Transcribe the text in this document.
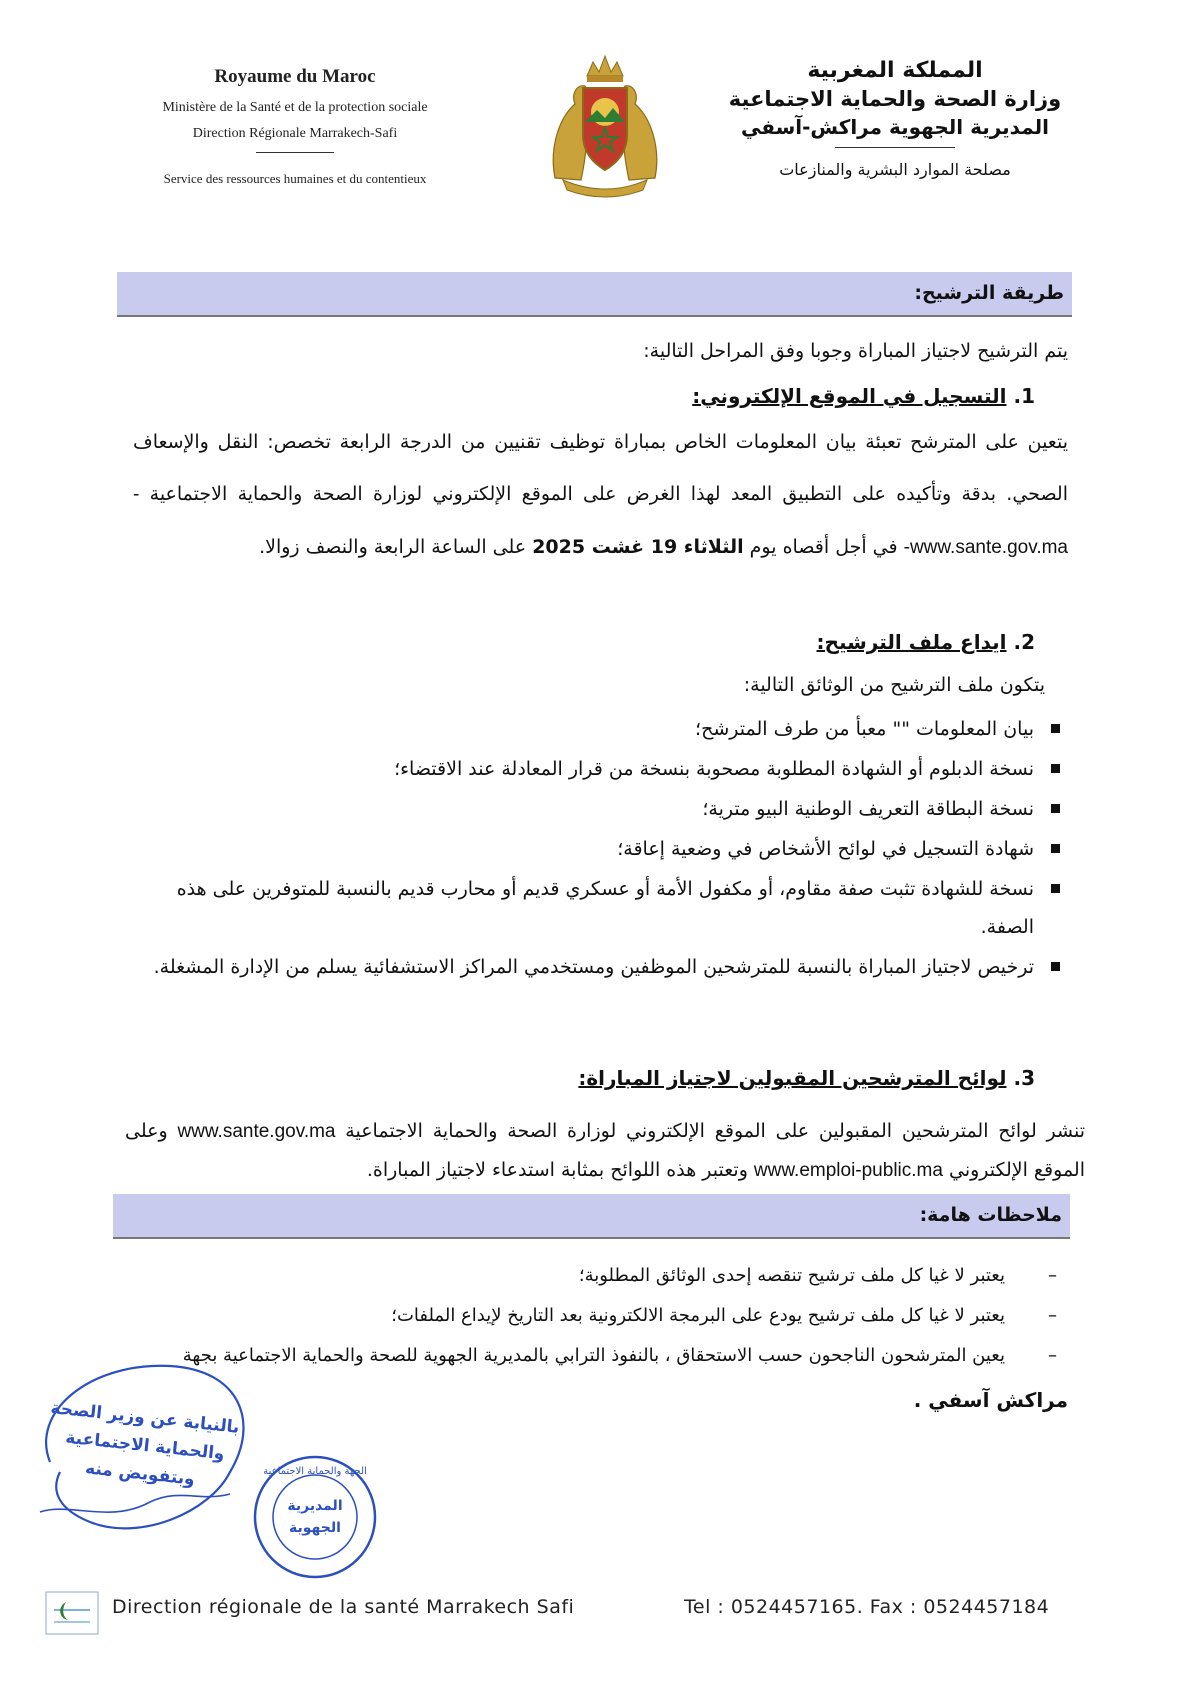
Royaume du Maroc
Ministère de la Santé et de la protection sociale
Direction Régionale Marrakech-Safi
Service des ressources humaines et du contentieux
المملكة المغربية
وزارة الصحة والحماية الاجتماعية
المديرية الجهوية مراكش-آسفي
مصلحة الموارد البشرية والمنازعات
طريقة الترشيح:
يتم الترشيح لاجتياز المباراة وجوبا وفق المراحل التالية:
1. التسجيل في الموقع الإلكتروني:
يتعين على المترشح تعبئة بيان المعلومات الخاص بمباراة توظيف تقنيين من الدرجة الرابعة تخصص: النقل والإسعاف الصحي. بدقة وتأكيده على التطبيق المعد لهذا الغرض على الموقع الإلكتروني لوزارة الصحة والحماية الاجتماعية -www.sante.gov.ma- في أجل أقصاه يوم الثلاثاء 19 غشت 2025 على الساعة الرابعة والنصف زوالا.
2. ايداع ملف الترشيح:
يتكون ملف الترشيح من الوثائق التالية:
بيان المعلومات "" معبأ من طرف المترشح؛
نسخة الدبلوم أو الشهادة المطلوبة مصحوبة بنسخة من قرار المعادلة عند الاقتضاء؛
نسخة البطاقة التعريف الوطنية البيو مترية؛
شهادة التسجيل في لوائح الأشخاص في وضعية إعاقة؛
نسخة للشهادة تثبت صفة مقاوم، أو مكفول الأمة أو عسكري قديم أو محارب قديم بالنسبة للمتوفرين على هذه الصفة.
ترخيص لاجتياز المباراة بالنسبة للمترشحين الموظفين ومستخدمي المراكز الاستشفائية يسلم من الإدارة المشغلة.
3. لوائح المترشحين المقبولين لاجتياز المباراة:
تنشر لوائح المترشحين المقبولين على الموقع الإلكتروني لوزارة الصحة والحماية الاجتماعية www.sante.gov.ma وعلى الموقع الإلكتروني www.emploi-public.ma وتعتبر هذه اللوائح بمثابة استدعاء لاجتياز المباراة.
ملاحظات هامة:
– يعتبر لا غيا كل ملف ترشيح تنقصه إحدى الوثائق المطلوبة؛
– يعتبر لا غيا كل ملف ترشيح يودع على البرمجة الالكترونية بعد التاريخ لإيداع الملفات؛
– يعين المترشحون الناجحون حسب الاستحقاق ، بالنفوذ الترابي بالمديرية الجهوية للصحة والحماية الاجتماعية بجهة
مراكش آسفي .
بالنيابة عن وزير الصحة
والحماية الاجتماعية
وبتفويض منه	الجهة والحماية الاجتماعية
المديرية
الجهوية
Direction régionale de la santé Marrakech Safi	Tel : 0524457165. Fax : 0524457184
